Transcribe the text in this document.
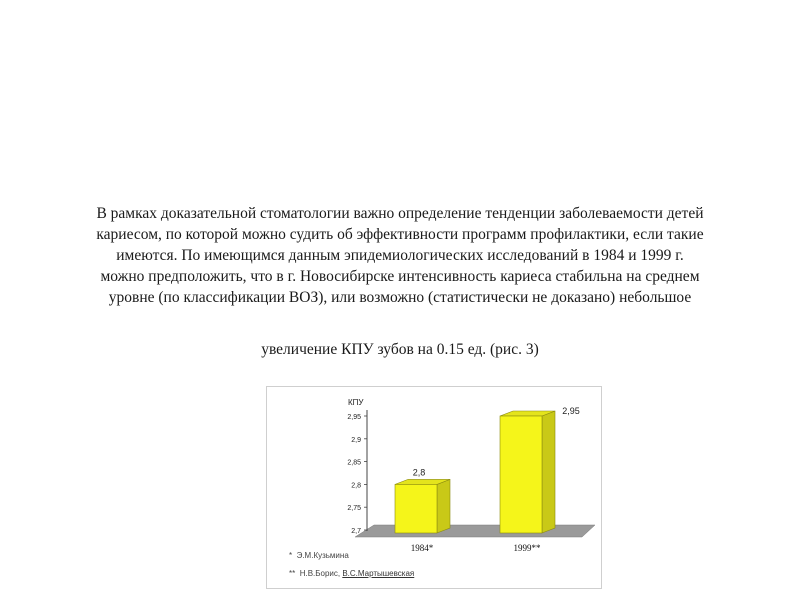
В рамках доказательной стоматологии важно определение тенденции заболеваемости детей
кариесом, по которой можно судить об эффективности программ профилактики, если такие
имеются. По имеющимся данным эпидемиологических исследований в 1984 и 1999 г.
можно предположить, что в г. Новосибирске интенсивность кариеса стабильна на среднем
уровне (по классификации ВОЗ), или возможно (статистически не доказано) небольшое
увеличение КПУ зубов на 0.15 ед. (рис. 3)
КПУ
2,7
2,75
2,8
2,85
2,9
2,95
2,8
1984*
2,95
1999**
* Э.М.Кузьмина
** Н.В.Борис, В.С.Мартышевская
